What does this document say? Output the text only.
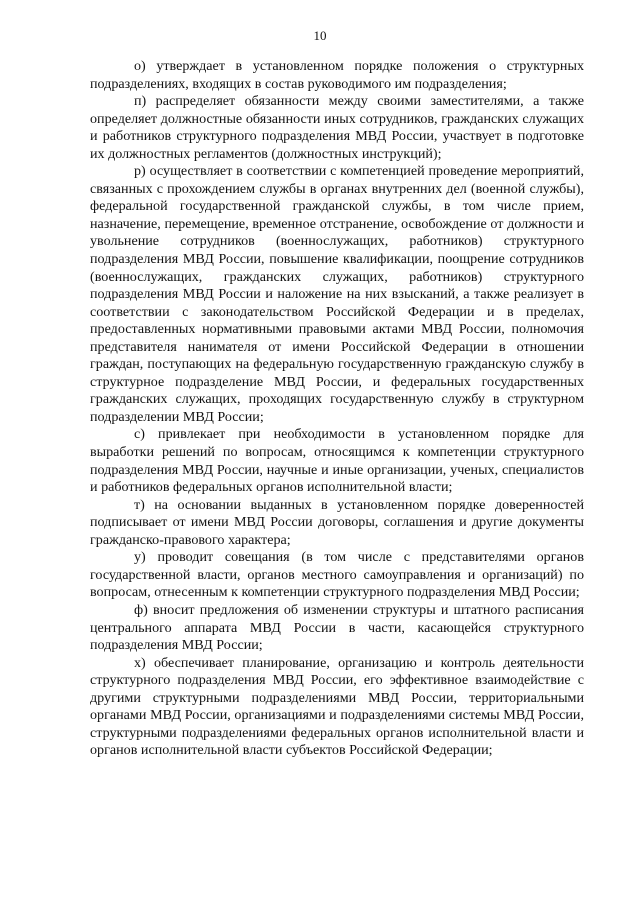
10

о) утверждает в установленном порядке положения о структурных подразделениях, входящих в состав руководимого им подразделения;

п) распределяет обязанности между своими заместителями, а также определяет должностные обязанности иных сотрудников, гражданских служащих и работников структурного подразделения МВД России, участвует в подготовке их должностных регламентов (должностных инструкций);

р) осуществляет в соответствии с компетенцией проведение мероприятий, связанных с прохождением службы в органах внутренних дел (военной службы), федеральной государственной гражданской службы, в том числе прием, назначение, перемещение, временное отстранение, освобождение от должности и увольнение сотрудников (военнослужащих, работников) структурного подразделения МВД России, повышение квалификации, поощрение сотрудников (военнослужащих, гражданских служащих, работников) структурного подразделения МВД России и наложение на них взысканий, а также реализует в соответствии с законодательством Российской Федерации и в пределах, предоставленных нормативными правовыми актами МВД России, полномочия представителя нанимателя от имени Российской Федерации в отношении граждан, поступающих на федеральную государственную гражданскую службу в структурное подразделение МВД России, и федеральных государственных гражданских служащих, проходящих государственную службу в структурном подразделении МВД России;

с) привлекает при необходимости в установленном порядке для выработки решений по вопросам, относящимся к компетенции структурного подразделения МВД России, научные и иные организации, ученых, специалистов и работников федеральных органов исполнительной власти;

т) на основании выданных в установленном порядке доверенностей подписывает от имени МВД России договоры, соглашения и другие документы гражданско-правового характера;

у) проводит совещания (в том числе с представителями органов государственной власти, органов местного самоуправления и организаций) по вопросам, отнесенным к компетенции структурного подразделения МВД России;

ф) вносит предложения об изменении структуры и штатного расписания центрального аппарата МВД России в части, касающейся структурного подразделения МВД России;

х) обеспечивает планирование, организацию и контроль деятельности структурного подразделения МВД России, его эффективное взаимодействие с другими структурными подразделениями МВД России, территориальными органами МВД России, организациями и подразделениями системы МВД России, структурными подразделениями федеральных органов исполнительной власти и органов исполнительной власти субъектов Российской Федерации;
